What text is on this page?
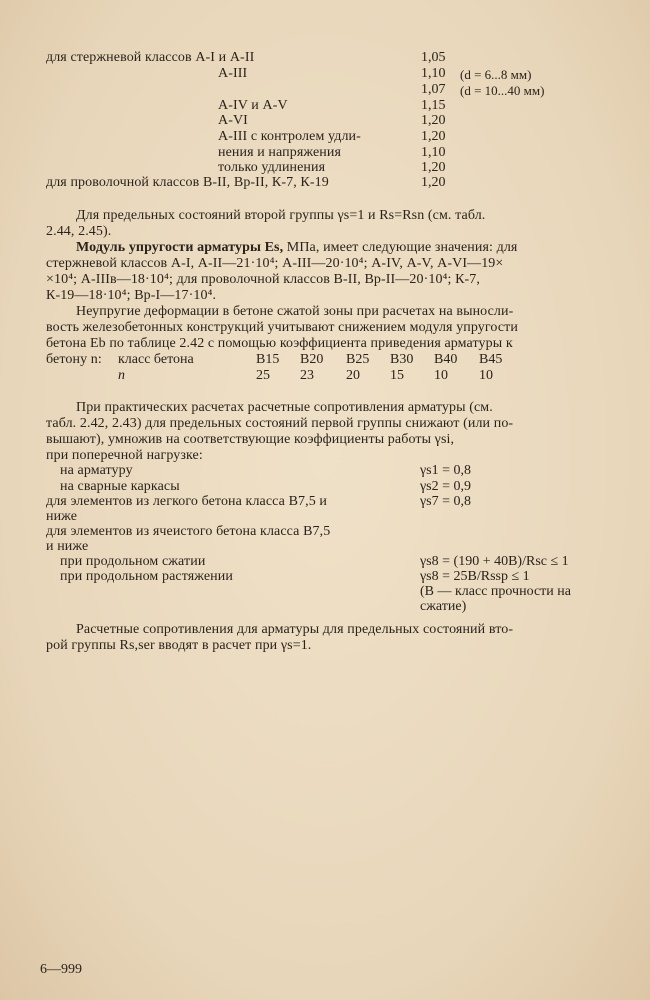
для стержневой классов А-I и А-II	1,05
А-III	1,10 (d = 6...8 мм)
1,07 (d = 10...40 мм)
А-IV и А-V	1,15
А-VI	1,20
А-III с контролем удли-	1,20
нения и напряжения	1,10
только удлинения	1,20
для проволочной классов В-II, Вр-II, К-7, К-19	1,20
Для предельных состояний второй группы γs=1 и Rs=Rsn (см. табл.
2.44, 2.45).
Модуль упругости арматуры Es, МПа, имеет следующие значения: для
стержневой классов А-I, А-II—21·10⁴; А-III—20·10⁴; А-IV, А-V, А-VI—19×
×10⁴; А-IIIв—18·10⁴; для проволочной классов В-II, Вр-II—20·10⁴; К-7,
К-19—18·10⁴; Вр-I—17·10⁴.
Неупругие деформации в бетоне сжатой зоны при расчетах на выносли-
вость железобетонных конструкций учитывают снижением модуля упругости
бетона Eb по таблице 2.42 с помощью коэффициента приведения арматуры к
бетону n: класс бетона	В15 В20 В25 В30 В40 В45
n	25 23 20 15 10 10
При практических расчетах расчетные сопротивления арматуры (см.
табл. 2.42, 2.43) для предельных состояний первой группы снижают (или по-
вышают), умножив на соответствующие коэффициенты работы γsi,
при поперечной нагрузке:
на арматуру	γs1 = 0,8
на сварные каркасы	γs2 = 0,9
для элементов из легкого бетона класса В7,5 и	γs7 = 0,8
ниже
для элементов из ячеистого бетона класса В7,5
и ниже
при продольном сжатии	γs8 = (190 + 40B)/Rsc ≤ 1
при продольном растяжении	γs8 = 25B/Rssp ≤ 1
(В — класс прочности на
сжатие)
Расчетные сопротивления для арматуры для предельных состояний вто-
рой группы Rs,ser вводят в расчет при γs=1.
6—999
